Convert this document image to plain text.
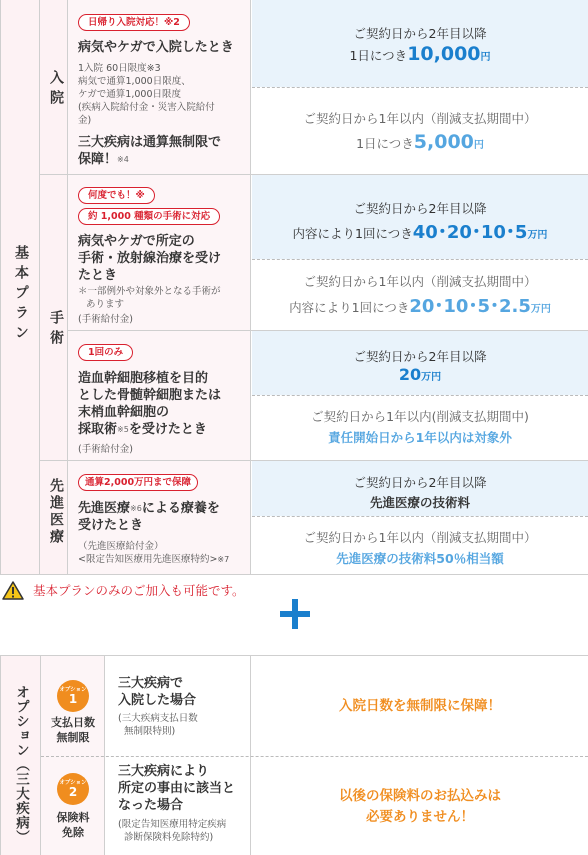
基本プラン
入院
手術
先進医療
日帰り入院対応！※2
病気やケガで入院したとき
1入院 60日限度※3
病気で通算1,000日限度、
ケガで通算1,000日限度
(疾病入院給付金・災害入院給付
金)
三大疾病は通算無制限で
保障！$^{※4}$
ご契約日から2年目以降
1日につき10,000円
ご契約日から1年以内（削減支払期間中）
1日につき5,000円
何度でも！※
約 1,000 種類の手術に対応
病気やケガで所定の
手術・放射線治療を受け
たとき
＊一部例外や対象外となる手術が
あります
(手術給付金)
ご契約日から2年目以降
内容により1回につき40･20･10･5万円
ご契約日から1年以内（削減支払期間中）
内容により1回につき20･10･5･2.5万円
1回のみ
造血幹細胞移植を目的
とした骨髄幹細胞または
末梢血幹細胞の
採取術$^{※5}$を受けたとき
(手術給付金)
ご契約日から2年目以降
20万円
ご契約日から1年以内(削減支払期間中)
責任開始日から1年以内は対象外
通算2,000万円まで保障
先進医療$^{※6}$による療養を
受けたとき
（先進医療給付金）
<限定告知医療用先進医療特約>$^{※7}$
ご契約日から2年目以降
先進医療の技術料
ご契約日から1年以内（削減支払期間中）
先進医療の技術料50％相当額
基本プランのみのご加入も可能です。
オプション（三大疾病）	オプション
1
支払日数
無制限
三大疾病で
入院した場合
(三大疾病支払日数
無制限特則)
入院日数を無制限に保障！
オプション
2
保険料
免除
三大疾病により
所定の事由に該当と
なった場合
(限定告知医療用特定疾病
診断保険料免除特約)
以後の保険料のお払込みは
必要ありません！
